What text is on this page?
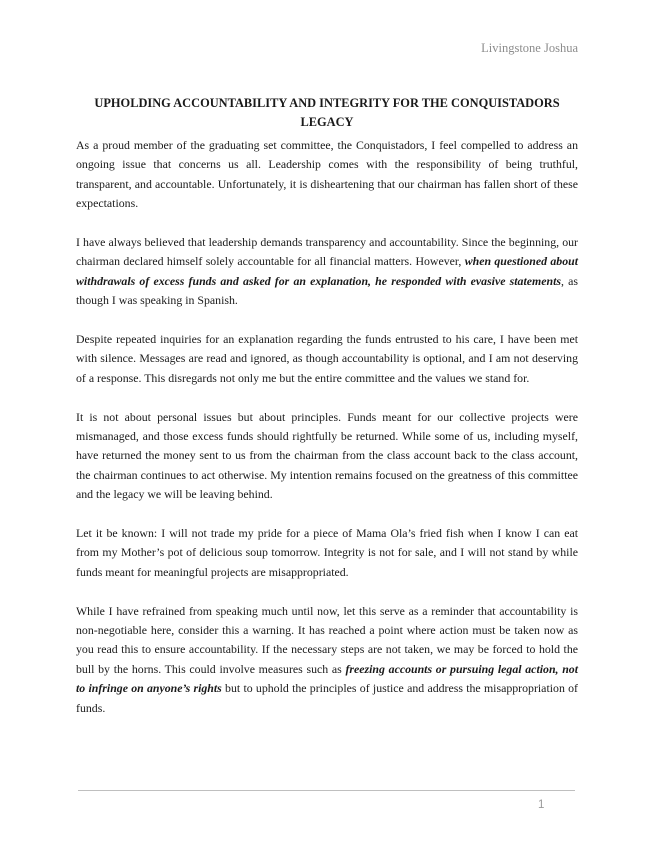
Livingstone Joshua
UPHOLDING ACCOUNTABILITY AND INTEGRITY FOR THE CONQUISTADORS LEGACY

As a proud member of the graduating set committee, the Conquistadors, I feel compelled to address an ongoing issue that concerns us all. Leadership comes with the responsibility of being truthful, transparent, and accountable. Unfortunately, it is disheartening that our chairman has fallen short of these expectations.

I have always believed that leadership demands transparency and accountability. Since the beginning, our chairman declared himself solely accountable for all financial matters. However, when questioned about withdrawals of excess funds and asked for an explanation, he responded with evasive statements, as though I was speaking in Spanish.

Despite repeated inquiries for an explanation regarding the funds entrusted to his care, I have been met with silence. Messages are read and ignored, as though accountability is optional, and I am not deserving of a response. This disregards not only me but the entire committee and the values we stand for.

It is not about personal issues but about principles. Funds meant for our collective projects were mismanaged, and those excess funds should rightfully be returned. While some of us, including myself, have returned the money sent to us from the chairman from the class account back to the class account, the chairman continues to act otherwise. My intention remains focused on the greatness of this committee and the legacy we will be leaving behind.

Let it be known: I will not trade my pride for a piece of Mama Ola’s fried fish when I know I can eat from my Mother’s pot of delicious soup tomorrow. Integrity is not for sale, and I will not stand by while funds meant for meaningful projects are misappropriated.

While I have refrained from speaking much until now, let this serve as a reminder that accountability is non-negotiable here, consider this a warning. It has reached a point where action must be taken now as you read this to ensure accountability. If the necessary steps are not taken, we may be forced to hold the bull by the horns. This could involve measures such as freezing accounts or pursuing legal action, not to infringe on anyone’s rights but to uphold the principles of justice and address the misappropriation of funds.

1
